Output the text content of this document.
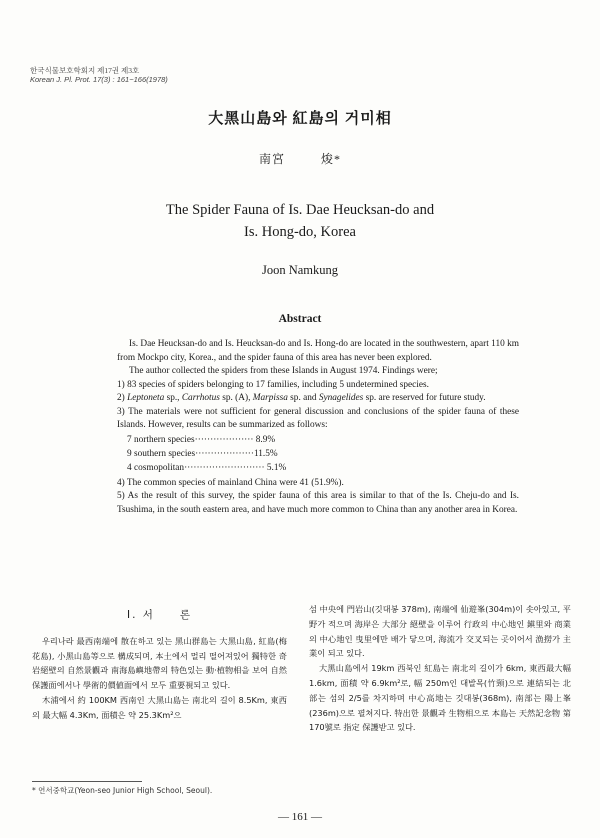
한국식물보호학회지 제17권 제3호
Korean J. Pl. Prot. 17(3) : 161~166(1978)
大黑山島와 紅島의 거미相
南宮	焌*
The Spider Fauna of Is. Dae Heucksan-do and
Is. Hong-do, Korea
Joon Namkung
Abstract

Is. Dae Heucksan-do and Is. Heucksan-do and Is. Hong-do are located in the southwestern, apart 110 km from Mockpo city, Korea., and the spider fauna of this area has never been explored.

The author collected the spiders from these Islands in August 1974. Findings were;

1) 83 species of spiders belonging to 17 families, including 5 undetermined species.

2) Leptoneta sp., Carrhotus sp. (A), Marpissa sp. and Synagelides sp. are reserved for future study.

3) The materials were not sufficient for general discussion and conclusions of the spider fauna of these Islands. However, results can be summarized as follows:

7 northern species··················· 8.9%
9 southern species···················11.5%
4 cosmopolitan·························· 5.1%

4) The common species of mainland China were 41 (51.9%).

5) As the result of this survey, the spider fauna of this area is similar to that of the Is. Cheju-do and Is. Tsushima, in the south eastern area, and have much more common to China than any another area in Korea.

I. 서　　론

우리나라 最西南端에 散在하고 있는 黑山群島는 大黑山島, 紅島(梅花島), 小黑山島等으로 構成되며, 本土에서 멀리 떨어져있어 獨特한 奇岩絕壁의 自然景觀과 南海島嶼地帶의 特色있는 動·植物相을 보여 自然保護面에서나 學術的價値面에서 모두 重要視되고 있다.

木浦에서 約 100KM 西南인 大黑山島는 南北의 길이 8.5Km, 東西의 最大幅 4.3Km, 面積은 약 25.3Km²으

섬 中央에 門岩山(깃대봉 378m), 南端에 仙遊峯(304m)이 솟아있고, 平野가 적으며 海岸은 大部分 絕壁을 이루어 行政의 中心地인 鎭里와 商業의 中心地인 曳里에만 배가 닿으며, 海流가 交叉되는 곳이어서 漁撈가 主業이 되고 있다.

大黑山島에서 19km 西북인 紅島는 南北의 길이가 6km, 東西最大幅 1.6km, 面積 약 6.9km²로, 幅 250m인 대발목(竹頸)으로 連結되는 北部는 섬의 2/5를 차지하며 中心高地는 깃대봉(368m), 南部는 陽上峯(236m)으로 펼쳐지다. 特出한 景觀과 生物相으로 本島는 天然記念物 第170號로 指定 保護받고 있다.

* 연서중학교(Yeon-seo Junior High School, Seoul).
— 161 —
